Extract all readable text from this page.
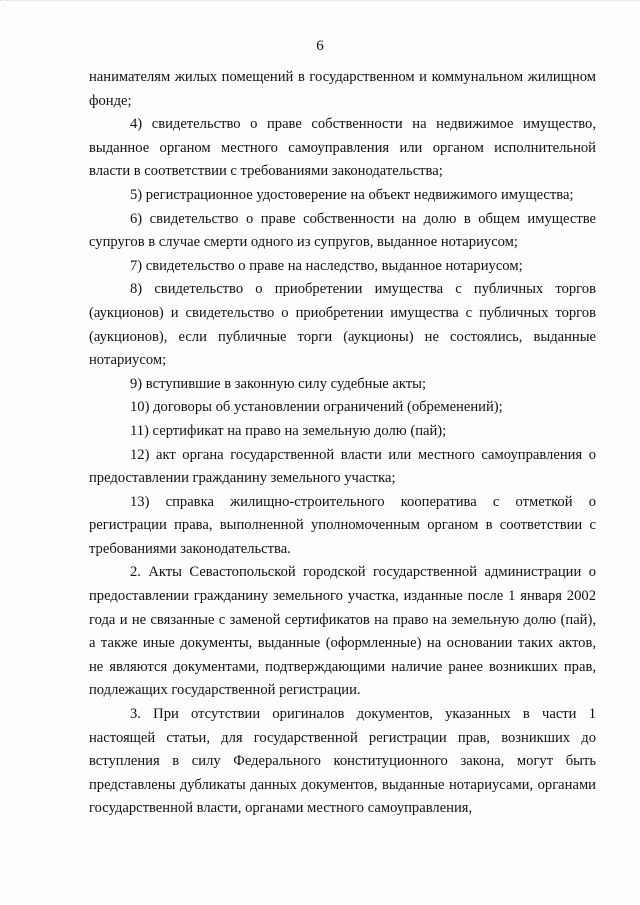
6

нанимателям жилых помещений в государственном и коммунальном жилищном фонде;

4) свидетельство о праве собственности на недвижимое имущество, выданное органом местного самоуправления или органом исполнительной власти в соответствии с требованиями законодательства;

5) регистрационное удостоверение на объект недвижимого имущества;

6) свидетельство о праве собственности на долю в общем имуществе супругов в случае смерти одного из супругов, выданное нотариусом;

7) свидетельство о праве на наследство, выданное нотариусом;

8) свидетельство о приобретении имущества с публичных торгов (аукционов) и свидетельство о приобретении имущества с публичных торгов (аукционов), если публичные торги (аукционы) не состоялись, выданные нотариусом;

9) вступившие в законную силу судебные акты;

10) договоры об установлении ограничений (обременений);

11) сертификат на право на земельную долю (пай);

12) акт органа государственной власти или местного самоуправления о предоставлении гражданину земельного участка;

13) справка жилищно-строительного кооператива с отметкой о регистрации права, выполненной уполномоченным органом в соответствии с требованиями законодательства.

2. Акты Севастопольской городской государственной администрации о предоставлении гражданину земельного участка, изданные после 1 января 2002 года и не связанные с заменой сертификатов на право на земельную долю (пай), а также иные документы, выданные (оформленные) на основании таких актов, не являются документами, подтверждающими наличие ранее возникших прав, подлежащих государственной регистрации.

3. При отсутствии оригиналов документов, указанных в части 1 настоящей статьи, для государственной регистрации прав, возникших до вступления в силу Федерального конституционного закона, могут быть представлены дубликаты данных документов, выданные нотариусами, органами государственной власти, органами местного самоуправления,
